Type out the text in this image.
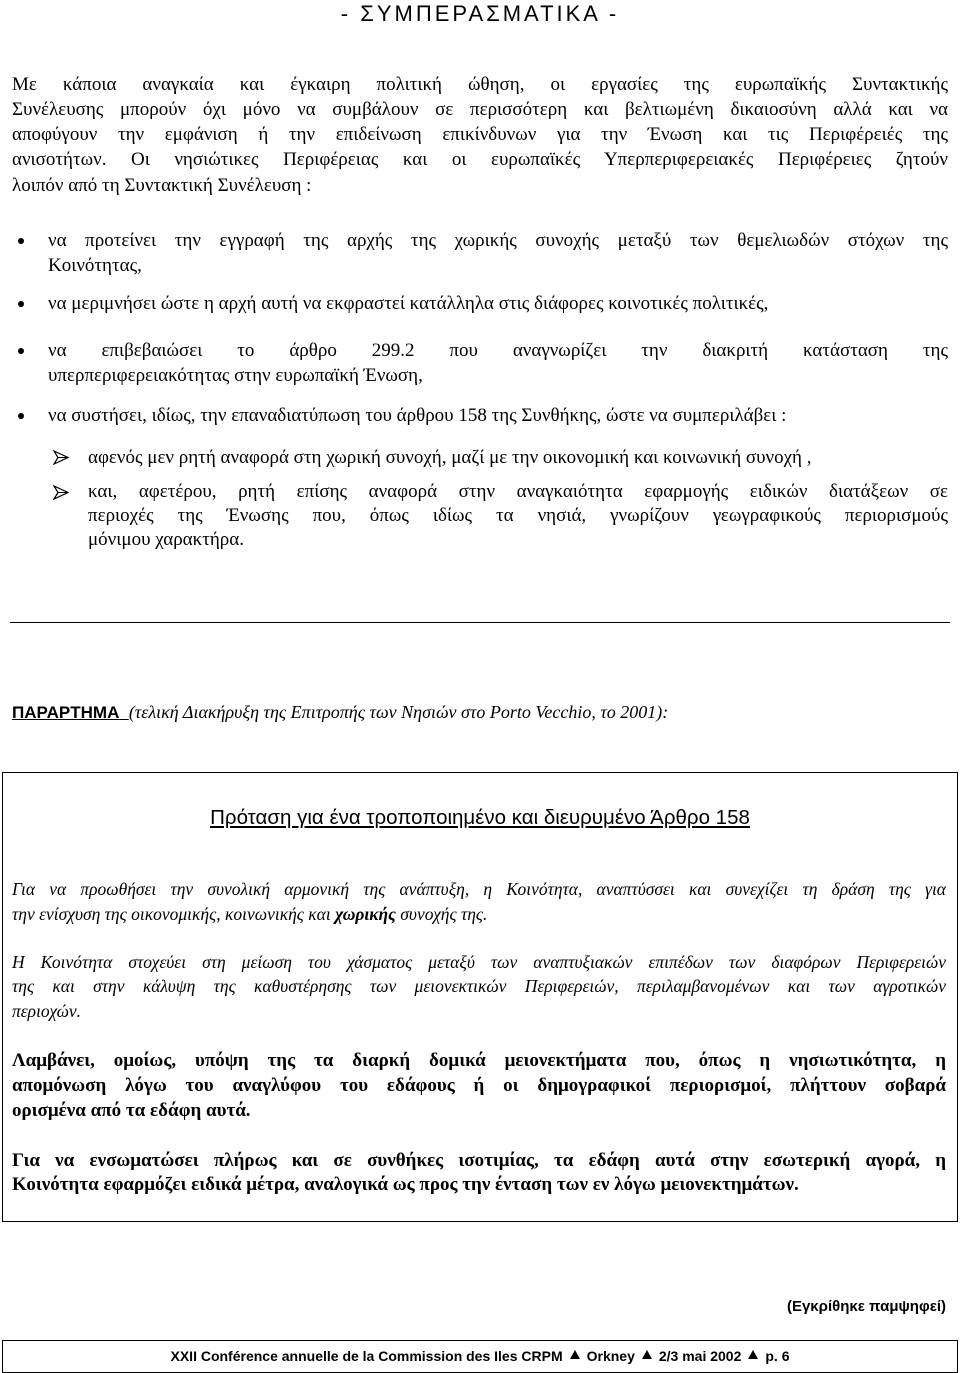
- ΣΥΜΠΕΡΑΣΜΑΤΙΚΑ -
Με κάποια αναγκαία και έγκαιρη πολιτική ώθηση, οι εργασίες της ευρωπαϊκής Συντακτικής
Συνέλευσης μπορούν όχι μόνο να συμβάλουν σε περισσότερη και βελτιωμένη δικαιοσύνη αλλά και να
αποφύγουν την εμφάνιση ή την επιδείνωση επικίνδυνων για την Ένωση και τις Περιφέρειές της
ανισοτήτων. Οι νησιώτικες Περιφέρειας και οι ευρωπαϊκές Υπερπεριφερειακές Περιφέρειες ζητούν
λοιπόν από τη Συντακτική Συνέλευση :
να προτείνει την εγγραφή της αρχής της χωρικής συνοχής μεταξύ των θεμελιωδών στόχων της
Κοινότητας,
να μεριμνήσει ώστε η αρχή αυτή να εκφραστεί κατάλληλα στις διάφορες κοινοτικές πολιτικές,
να επιβεβαιώσει το άρθρο 299.2 που αναγνωρίζει την διακριτή κατάσταση της
υπερπεριφερειακότητας στην ευρωπαϊκή Ένωση,
να συστήσει, ιδίως, την επαναδιατύπωση του άρθρου 158 της Συνθήκης, ώστε να συμπεριλάβει :
αφενός μεν ρητή αναφορά στη χωρική συνοχή, μαζί με την οικονομική και κοινωνική συνοχή ,
και, αφετέρου, ρητή επίσης αναφορά στην αναγκαιότητα εφαρμογής ειδικών διατάξεων σε
περιοχές της Ένωσης που, όπως ιδίως τα νησιά, γνωρίζουν γεωγραφικούς περιορισμούς
μόνιμου χαρακτήρα.
ΠΑΡΑΡΤΗΜΑ (τελική Διακήρυξη της Επιτροπής των Νησιών στο Porto Vecchio, το 2001):
Πρόταση για ένα τροποποιημένο και διευρυμένο Άρθρο 158
Για να προωθήσει την συνολική αρμονική της ανάπτυξη, η Κοινότητα, αναπτύσσει και συνεχίζει τη δράση της για
την ενίσχυση της οικονομικής, κοινωνικής και χωρικής συνοχής της.
Η Κοινότητα στοχεύει στη μείωση του χάσματος μεταξύ των αναπτυξιακών επιπέδων των διαφόρων Περιφερειών
της και στην κάλυψη της καθυστέρησης των μειονεκτικών Περιφερειών, περιλαμβανομένων και των αγροτικών
περιοχών.
Λαμβάνει, ομοίως, υπόψη της τα διαρκή δομικά μειονεκτήματα που, όπως η νησιωτικότητα, η
απομόνωση λόγω του αναγλύφου του εδάφους ή οι δημογραφικοί περιορισμοί, πλήττουν σοβαρά
ορισμένα από τα εδάφη αυτά.
Για να ενσωματώσει πλήρως και σε συνθήκες ισοτιμίας, τα εδάφη αυτά στην εσωτερική αγορά, η
Κοινότητα εφαρμόζει ειδικά μέτρα, αναλογικά ως προς την ένταση των εν λόγω μειονεκτημάτων.
(Εγκρίθηκε παμψηφεί)
XXII Conférence annuelle de la Commission des Iles CRPM Orkney 2/3 mai 2002 p. 6
